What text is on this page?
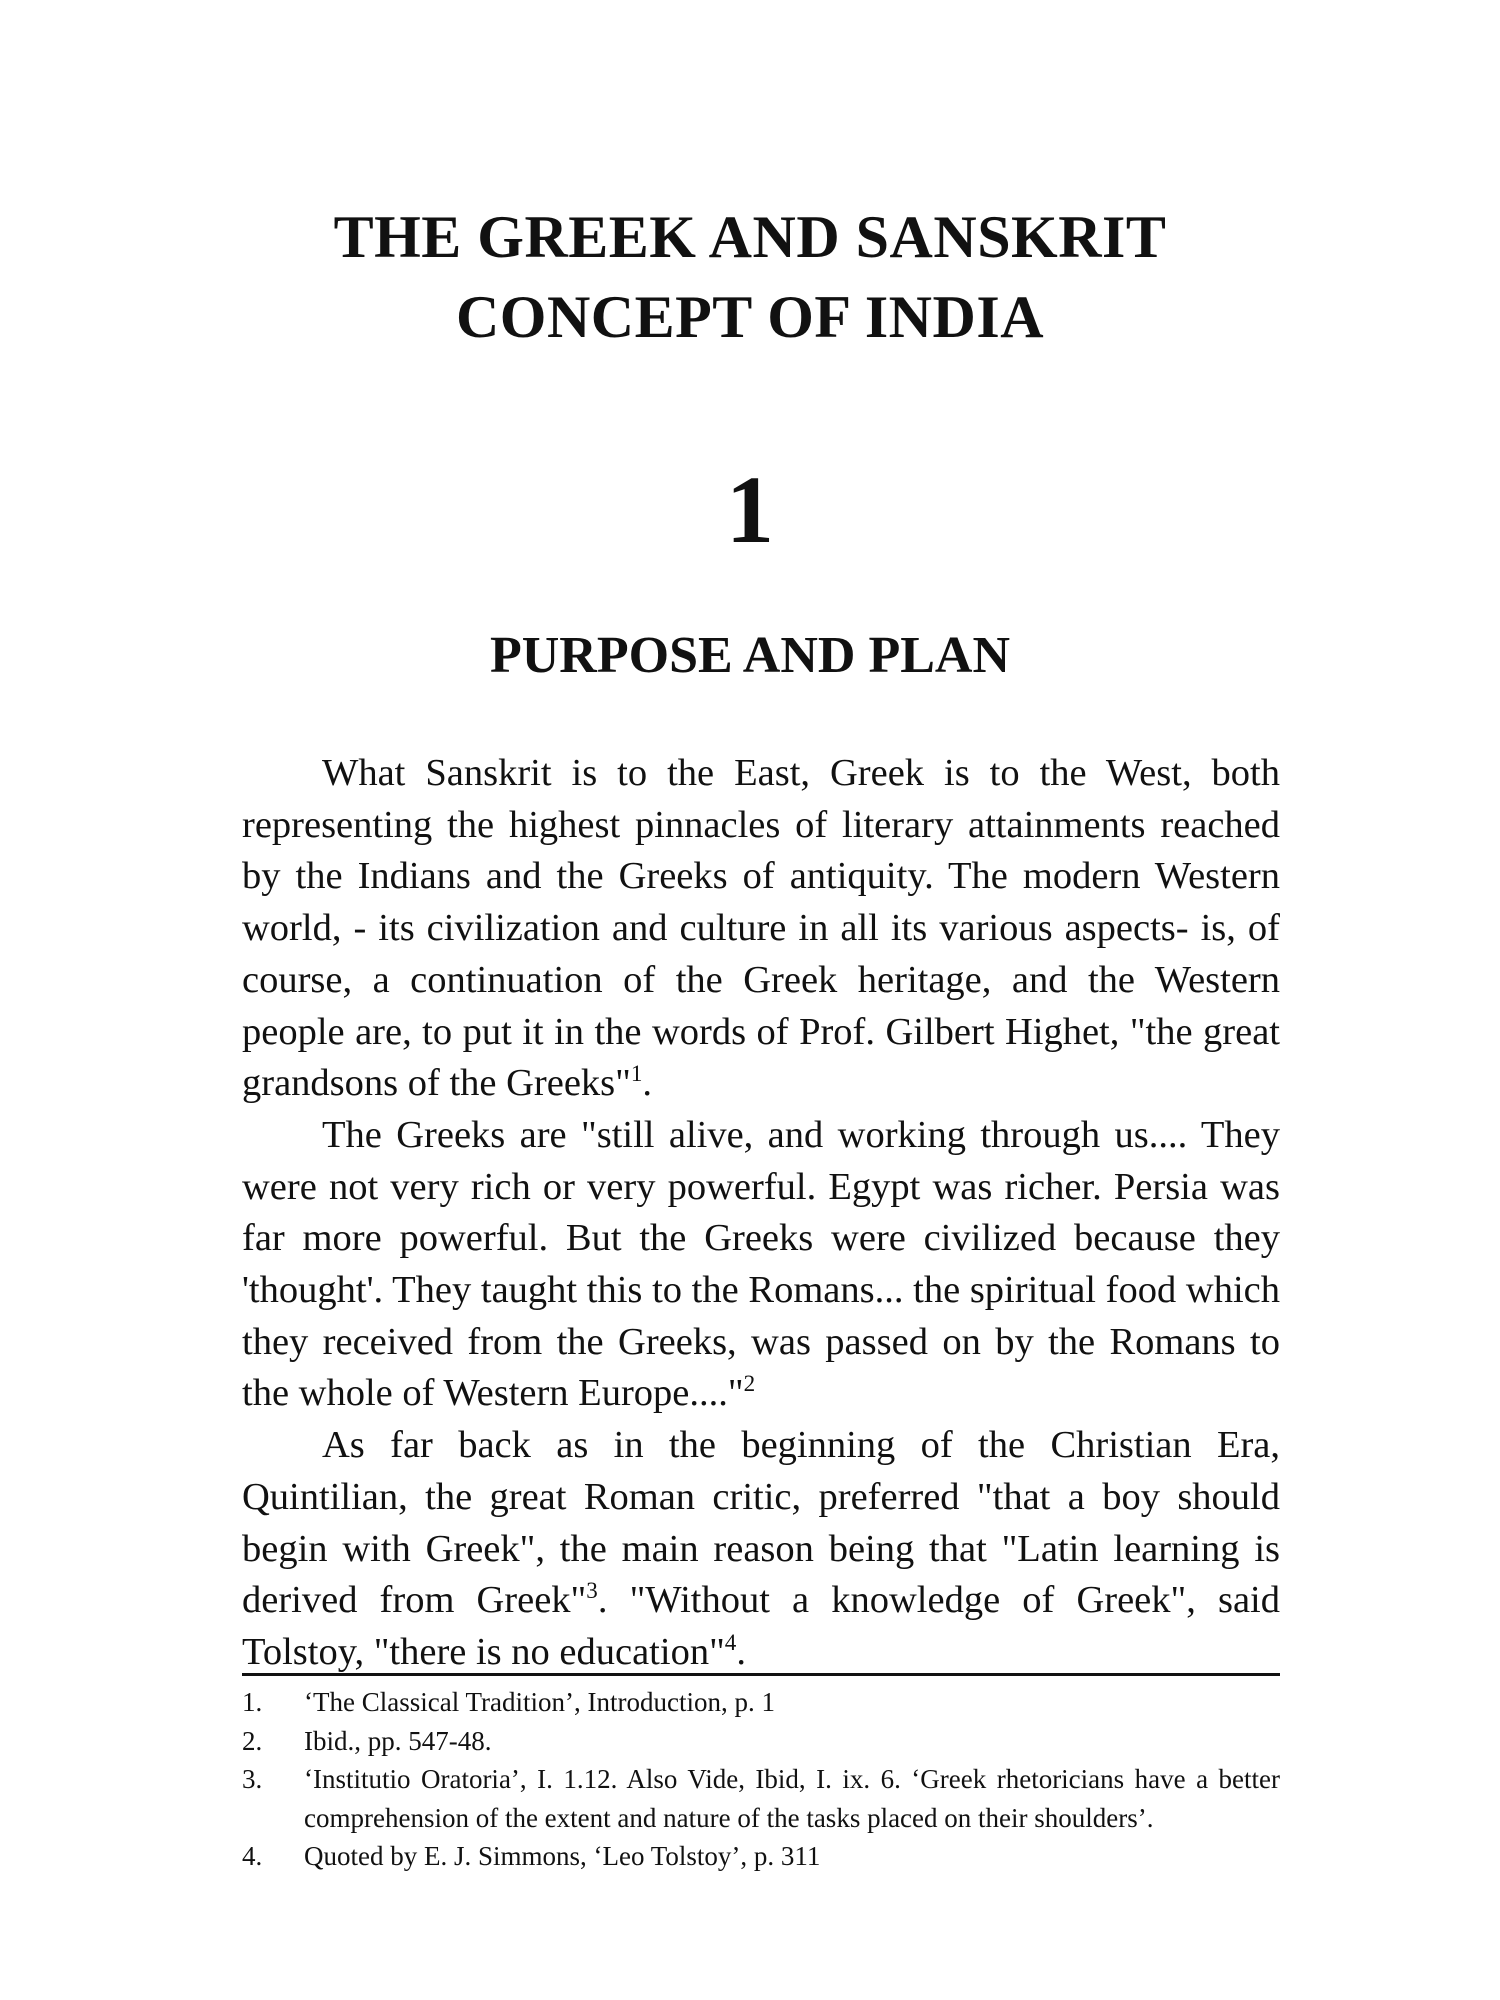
THE GREEK AND SANSKRIT
CONCEPT OF INDIA
1
PURPOSE AND PLAN

What Sanskrit is to the East, Greek is to the West, both representing the highest pinnacles of literary attainments reached by the Indians and the Greeks of antiquity. The modern Western world, - its civilization and culture in all its various aspects- is, of course, a continuation of the Greek heritage, and the Western people are, to put it in the words of Prof. Gilbert Highet, "the great grandsons of the Greeks"$^1$.

The Greeks are "still alive, and working through us.... They were not very rich or very powerful. Egypt was richer. Persia was far more powerful. But the Greeks were civilized because they 'thought'. They taught this to the Romans... the spiritual food which they received from the Greeks, was passed on by the Romans to the whole of Western Europe...."$^2$

As far back as in the beginning of the Christian Era, Quintilian, the great Roman critic, preferred "that a boy should begin with Greek", the main reason being that "Latin learning is derived from Greek"$^3$. "Without a knowledge of Greek", said Tolstoy, "there is no education"$^4$.

1.	‘The Classical Tradition’, Introduction, p. 1
2.	Ibid., pp. 547-48.
3.	‘Institutio Oratoria’, I. 1.12. Also Vide, Ibid, I. ix. 6. ‘Greek rhetoricians have a better comprehension of the extent and nature of the tasks placed on their shoulders’.
4.	Quoted by E. J. Simmons, ‘Leo Tolstoy’, p. 311
